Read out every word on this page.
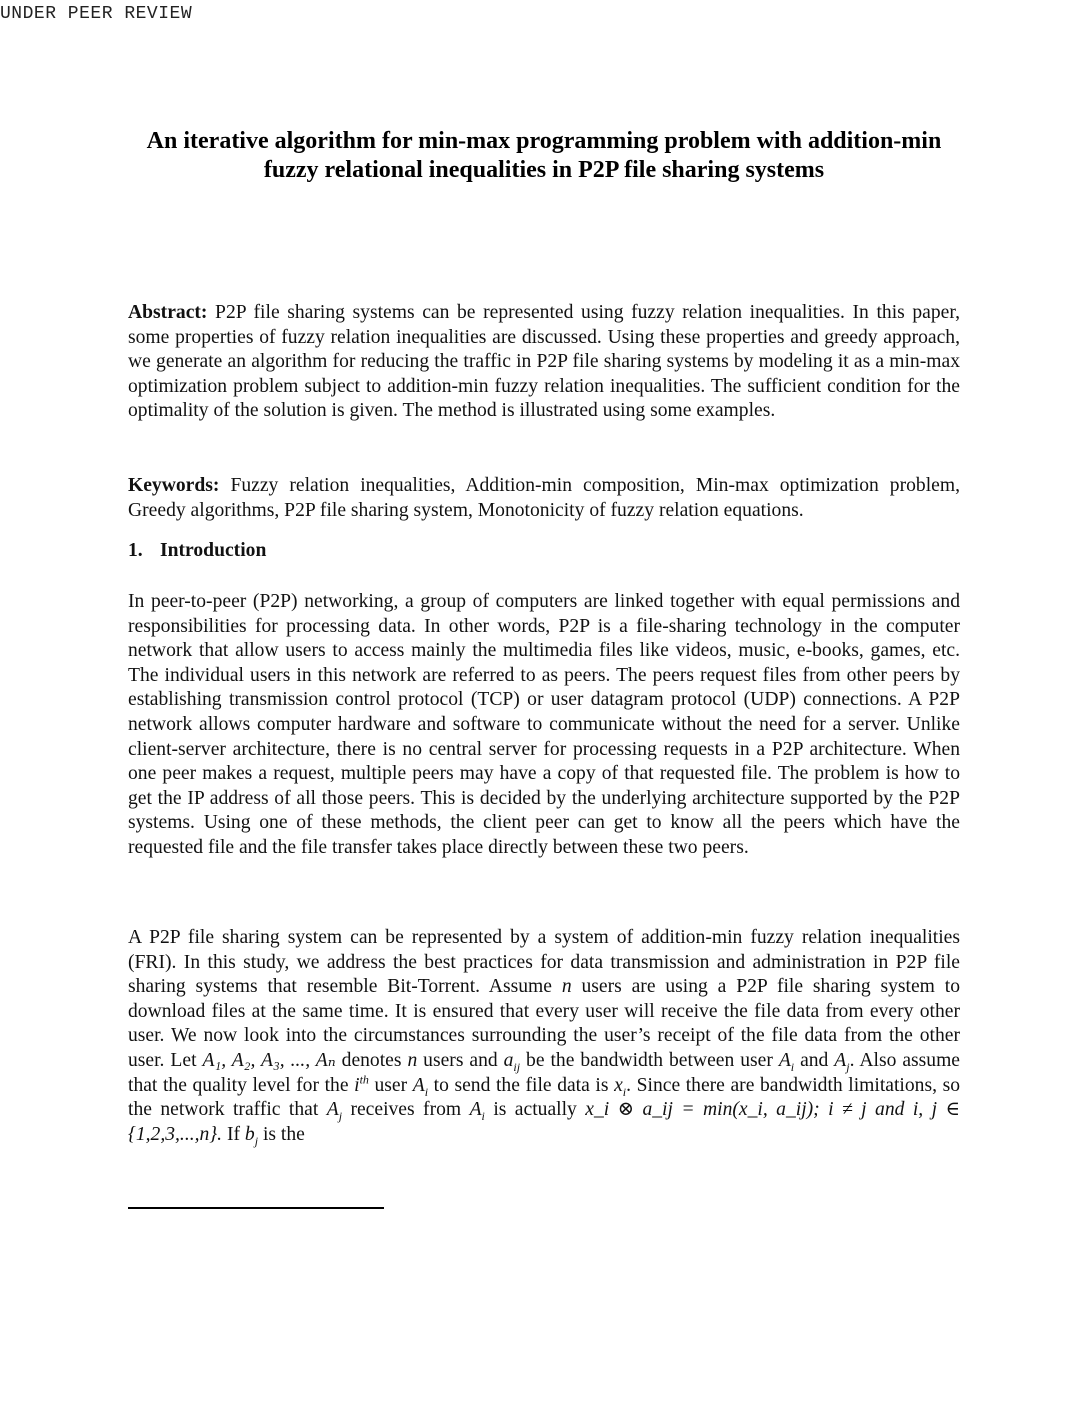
UNDER PEER REVIEW
An iterative algorithm for min-max programming problem with addition-min
fuzzy relational inequalities in P2P file sharing systems
Abstract: P2P file sharing systems can be represented using fuzzy relation inequalities. In this paper, some properties of fuzzy relation inequalities are discussed. Using these properties and greedy approach, we generate an algorithm for reducing the traffic in P2P file sharing systems by modeling it as a min-max optimization problem subject to addition-min fuzzy relation inequalities. The sufficient condition for the optimality of the solution is given. The method is illustrated using some examples.
Keywords: Fuzzy relation inequalities, Addition-min composition, Min-max optimization problem, Greedy algorithms, P2P file sharing system, Monotonicity of fuzzy relation equations.
1. Introduction
In peer-to-peer (P2P) networking, a group of computers are linked together with equal permissions and responsibilities for processing data. In other words, P2P is a file-sharing technology in the computer network that allow users to access mainly the multimedia files like videos, music, e-books, games, etc. The individual users in this network are referred to as peers. The peers request files from other peers by establishing transmission control protocol (TCP) or user datagram protocol (UDP) connections. A P2P network allows computer hardware and software to communicate without the need for a server. Unlike client-server architecture, there is no central server for processing requests in a P2P architecture. When one peer makes a request, multiple peers may have a copy of that requested file. The problem is how to get the IP address of all those peers. This is decided by the underlying architecture supported by the P2P systems. Using one of these methods, the client peer can get to know all the peers which have the requested file and the file transfer takes place directly between these two peers.
A P2P file sharing system can be represented by a system of addition-min fuzzy relation inequalities (FRI). In this study, we address the best practices for data transmission and administration in P2P file sharing systems that resemble Bit-Torrent. Assume n users are using a P2P file sharing system to download files at the same time. It is ensured that every user will receive the file data from every other user. We now look into the circumstances surrounding the user’s receipt of the file data from the other user. Let A₁, A₂, A₃, ..., Aₙ denotes n users and $a_{ij}$ be the bandwidth between user $A_i$ and $A_j$. Also assume that the quality level for the $i^{th}$ user $A_i$ to send the file data is $x_i$. Since there are bandwidth limitations, so the network traffic that $A_j$ receives from $A_i$ is actually x_i ⊗ a_ij = min(x_i, a_ij); i ≠ j and i, j ∈ {1,2,3,...,n}. If $b_j$ is the
